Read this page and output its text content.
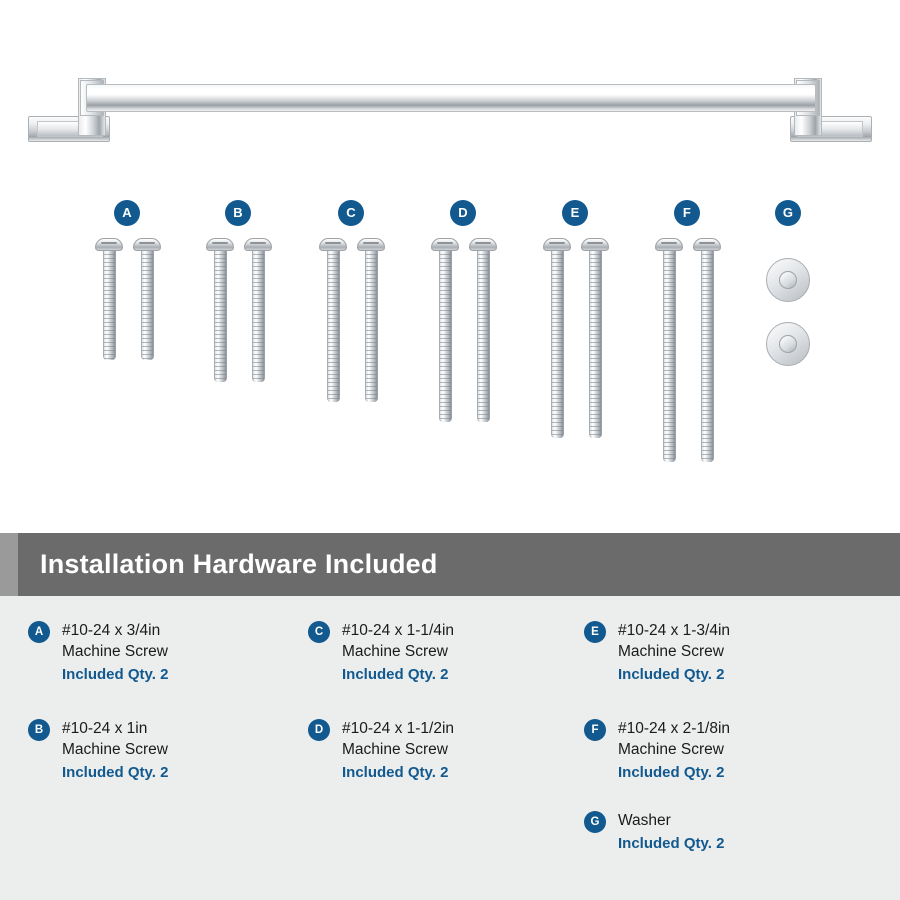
A	B	C	D	E	F	G
Installation Hardware Included
A	#10-24 x 3/4in
Machine Screw
Included Qty. 2
B	#10-24 x 1in
Machine Screw
Included Qty. 2
C	#10-24 x 1-1/4in
Machine Screw
Included Qty. 2
D	#10-24 x 1-1/2in
Machine Screw
Included Qty. 2
E	#10-24 x 1-3/4in
Machine Screw
Included Qty. 2
F	#10-24 x 2-1/8in
Machine Screw
Included Qty. 2
G	Washer
Included Qty. 2
